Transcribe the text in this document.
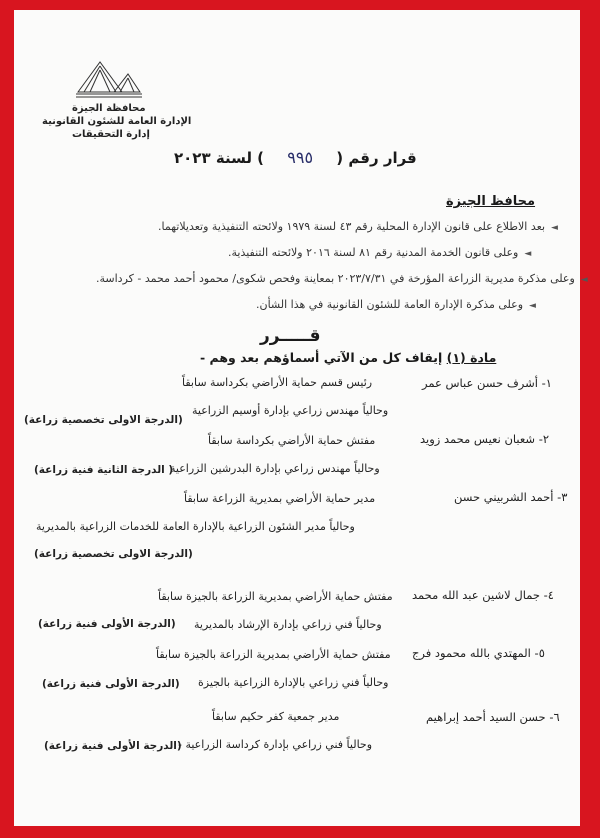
محافظة الجيزة
الإدارة العامة للشئون القانونية
إدارة التحقيقات
قرار رقم ( ٩٩٥ ) لسنة ٢٠٢٣
محافظ الجيزة
◄بعد الاطلاع على قانون الإدارة المحلية رقم ٤٣ لسنة ١٩٧٩ ولائحته التنفيذية وتعديلاتهما.
◄وعلى قانون الخدمة المدنية رقم ٨١ لسنة ٢٠١٦ ولائحته التنفيذية.
◄وعلى مذكرة مديرية الزراعة المؤرخة في ٢٠٢٣/٧/٣١ بمعاينة وفحص شكوى/ محمود أحمد محمد - كرداسة.
◄وعلى مذكرة الإدارة العامة للشئون القانونية في هذا الشأن.
قـــــرر
مادة (١) إيقاف كل من الآتي أسماؤهم بعد وهم -
١- أشرف حسن عباس عمر
رئيس قسم حماية الأراضي بكرداسة سابقاً
وحالياً مهندس زراعي بإدارة أوسيم الزراعية
(الدرجة الاولى تخصصية زراعة)
٢- شعبان نعيس محمد زويد
مفتش حماية الأراضي بكرداسة سابقاً
وحالياً مهندس زراعي بإدارة البدرشين الزراعية
( الدرجة الثانية فنية زراعة)
٣- أحمد الشربيني حسن
مدير حماية الأراضي بمديرية الزراعة سابقاً
وحالياً مدير الشئون الزراعية بالإدارة العامة للخدمات الزراعية بالمديرية
(الدرجة الاولى تخصصية زراعة)
٤- جمال لاشين عبد الله محمد
مفتش حماية الأراضي بمديرية الزراعة بالجيزة سابقاً
وحالياً فني زراعي بإدارة الإرشاد بالمديرية
(الدرجة الأولى فنية زراعة)
٥- المهتدي بالله محمود فرج
مفتش حماية الأراضي بمديرية الزراعة بالجيزة سابقاً
وحالياً فني زراعي بالإدارة الزراعية بالجيزة
(الدرجة الأولى فنية زراعة)
٦- حسن السيد أحمد إبراهيم
مدير جمعية كفر حكيم سابقاً
وحالياً فني زراعي بإدارة كرداسة الزراعية -
(الدرجة الأولى فنية زراعة)
